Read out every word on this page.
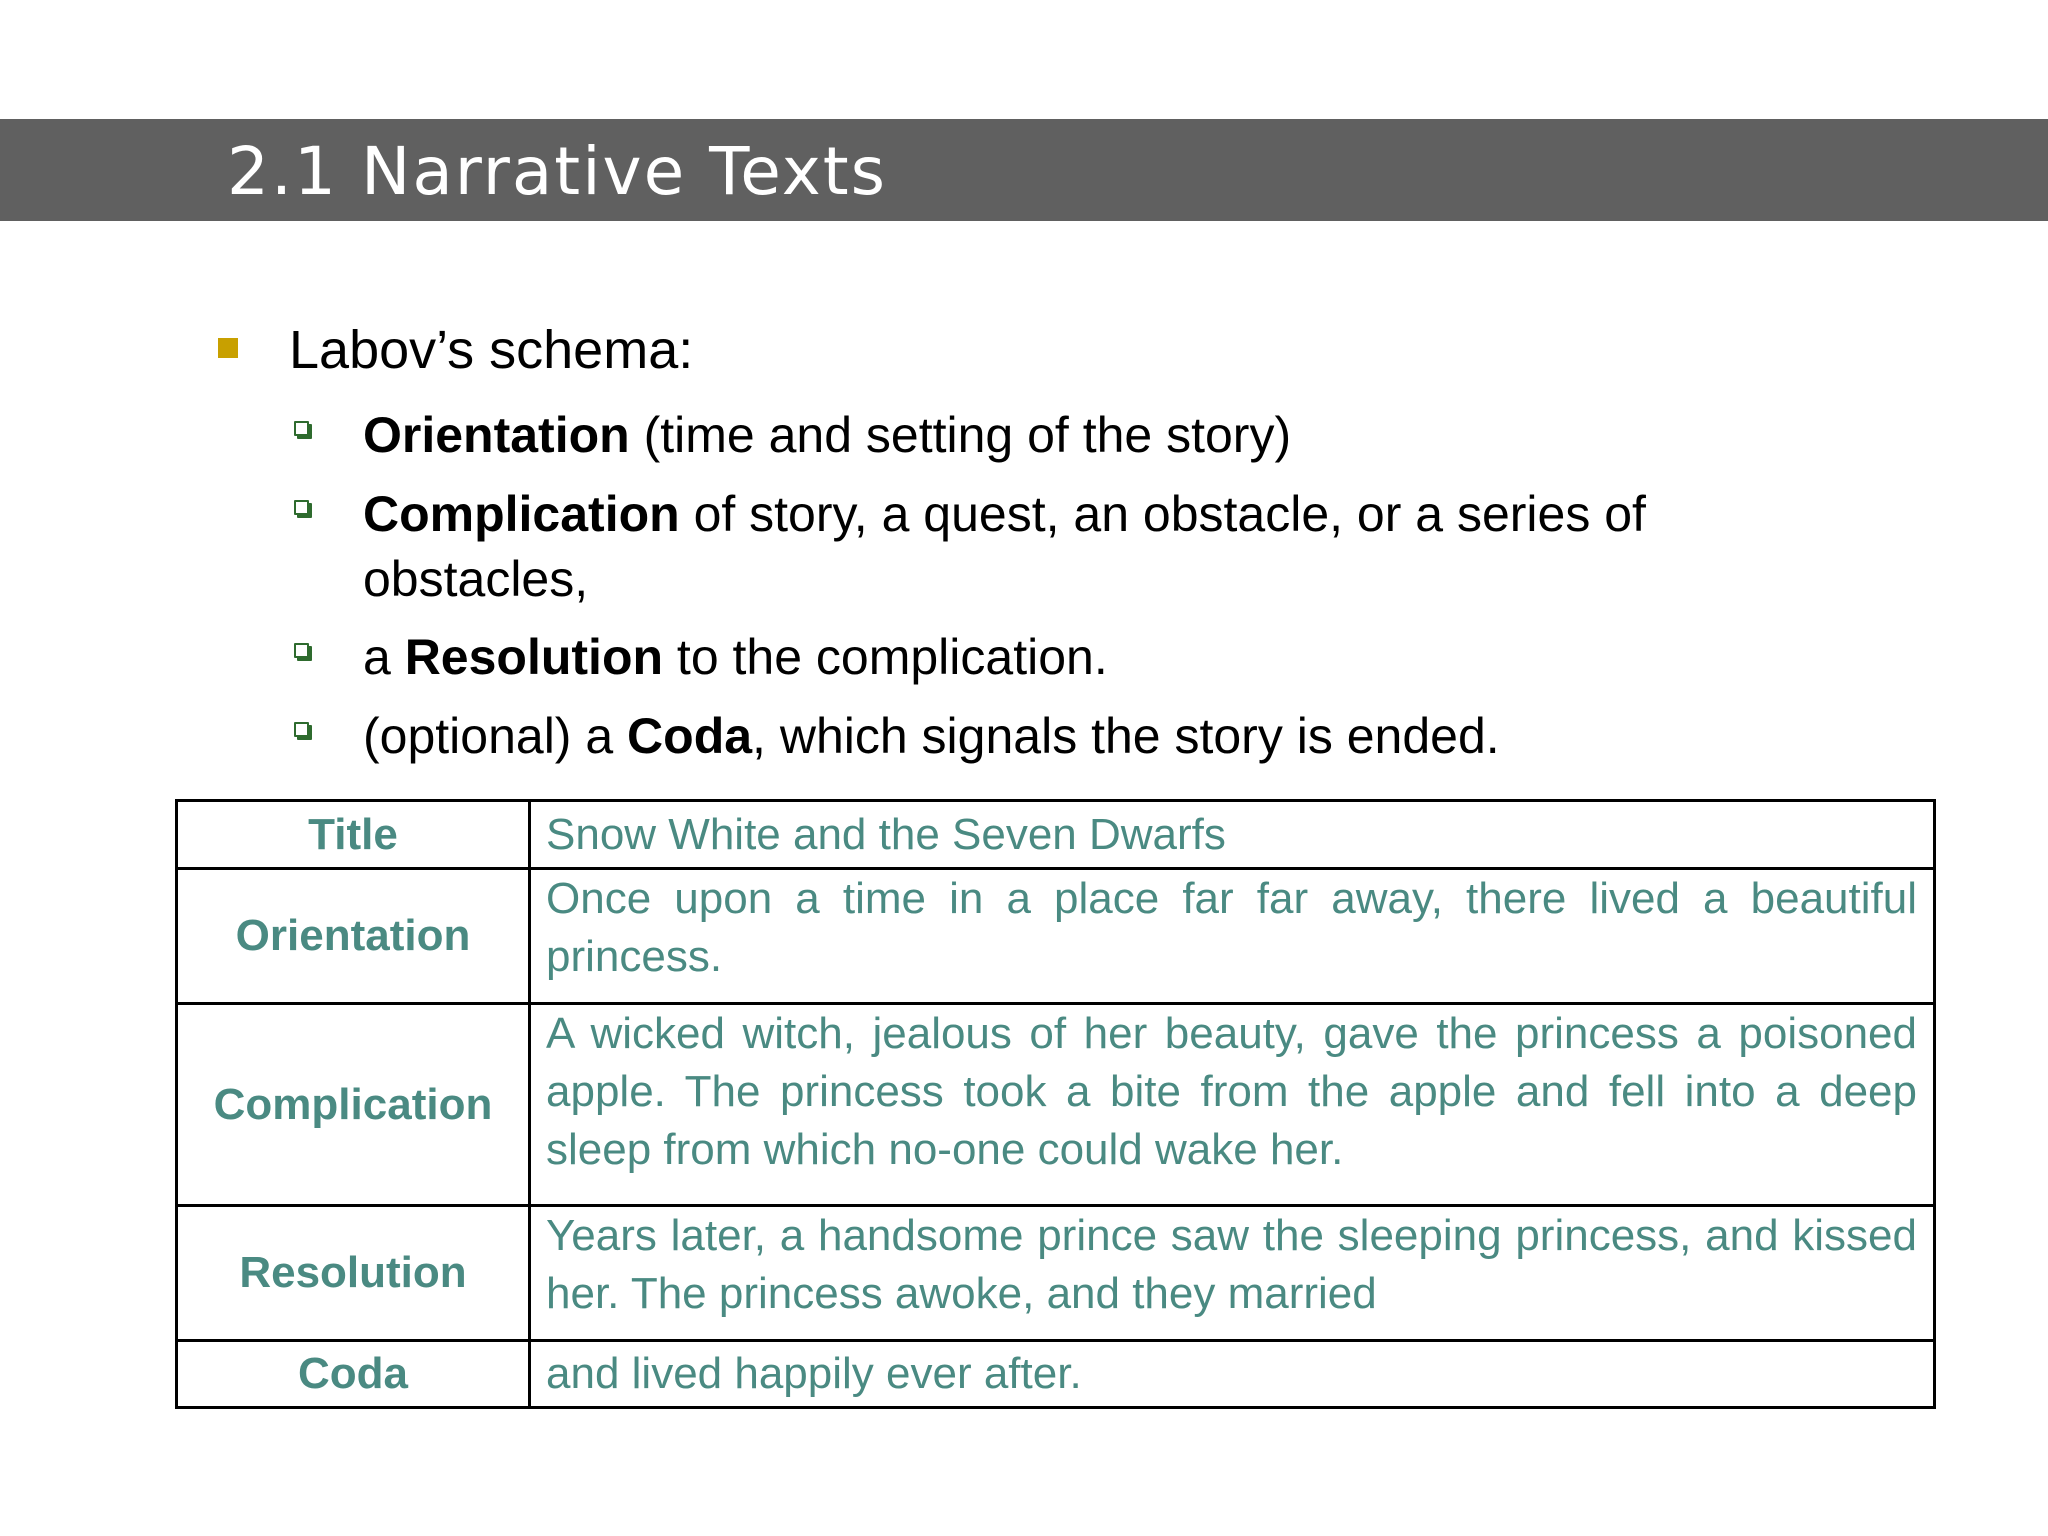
2.1 Narrative Texts
Labov’s schema:
Orientation (time and setting of the story)
Complication of story, a quest, an obstacle, or a series of obstacles,
a Resolution to the complication.
(optional) a Coda, which signals the story is ended.
Title	Snow White and the Seven Dwarfs
Orientation	Once upon a time in a place far far away, there lived a beautiful princess.
Complication	A wicked witch, jealous of her beauty, gave the princess a poisoned apple. The princess took a bite from the apple and fell into a deep sleep from which no-one could wake her.
Resolution	Years later, a handsome prince saw the sleeping princess, and kissed her. The princess awoke, and they married
Coda	and lived happily ever after.
